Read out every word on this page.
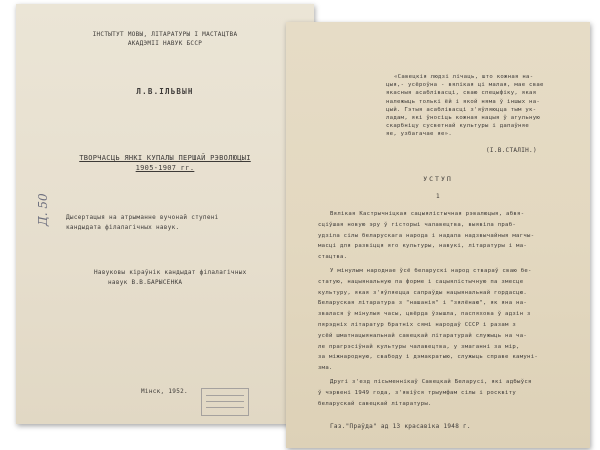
ІНСТЫТУТ МОВЫ, ЛІТАРАТУРЫ І МАСТАЦТВА
АКАДЭМІІ НАВУК БССР
Л.В.ІЛЬВЫН
ТВОРЧАСЦЬ ЯНКІ КУПАЛЫ ПЕРШАЙ РЭВОЛЮЦЫІ
1905-1907 гг.
Дысертацыя на атрыманне вучонай ступені
кандыдата філалагічных навук.
Навуковы кіраўнік кандыдат філалагічных
навук В.В.БАРЫСЕНКА
Д. 50
Мінск, 1952.
«Савецкія людзі лічаць, што кожная на-
цыя,- усёроўна - вялікая ці малая, мае свае
якасныя асаблівасці, сваю спецыфіку, якая
належыць толькі ёй і якой няма ў іншых на-
цый. Гэтыя асаблівасці з'яўляюцца тым ук-
ладам, які ўносіць кожная нацыя ў агульную
скарбніцу сусветнай культуры і дапаўняе
яе, узбагачае яе».
(І.В.СТАЛІН.)
УСТУП
1
Вялікая Кастрычніцкая сацыялістычная рэвалюцыя, абвя-
сціўшая новую эру ў гісторыі чалавецтва, выявіла праб-
удзіла сілы беларускага народа і надала надзвычайныя магчы-
масці для развіцця яго культуры, навукі, літаратуры і ма-
стацтва.
У мінулым народнае ўсё беларускі народ ствараў сваю бе-
статую, нацыянальную па форме і сацыялістычную па змесце
культуру, якая з'яўляецца сапраўды нацыянальнай гордасцю.
Беларуская літаратура з "нашанія" і "зялёнаю", як яна на-
звалася ў мінулыя часы, цвёрда ўзышла, паспяхова ў адзін з
пярэдніх літаратур братніх сямі народаў СССР і разам з
усёй шматнацыянальнай савецкай літаратурай служыць на ча-
ле прагрэсіўнай культуры чалавецтва, у змаганні за мір,
за міжнародную, свабоду і дэмакратыю, служыць справе камуні-
зма.
Другі з'езд пісьменнікаў Савецкай Беларусі, які адбыўся
ў чэрвені 1949 года, з'явіўся трыумфам сілы і росквіту
беларускай савецкай літаратуры.
Газ."Праўда" ад 13 красавіка 1948 г.
